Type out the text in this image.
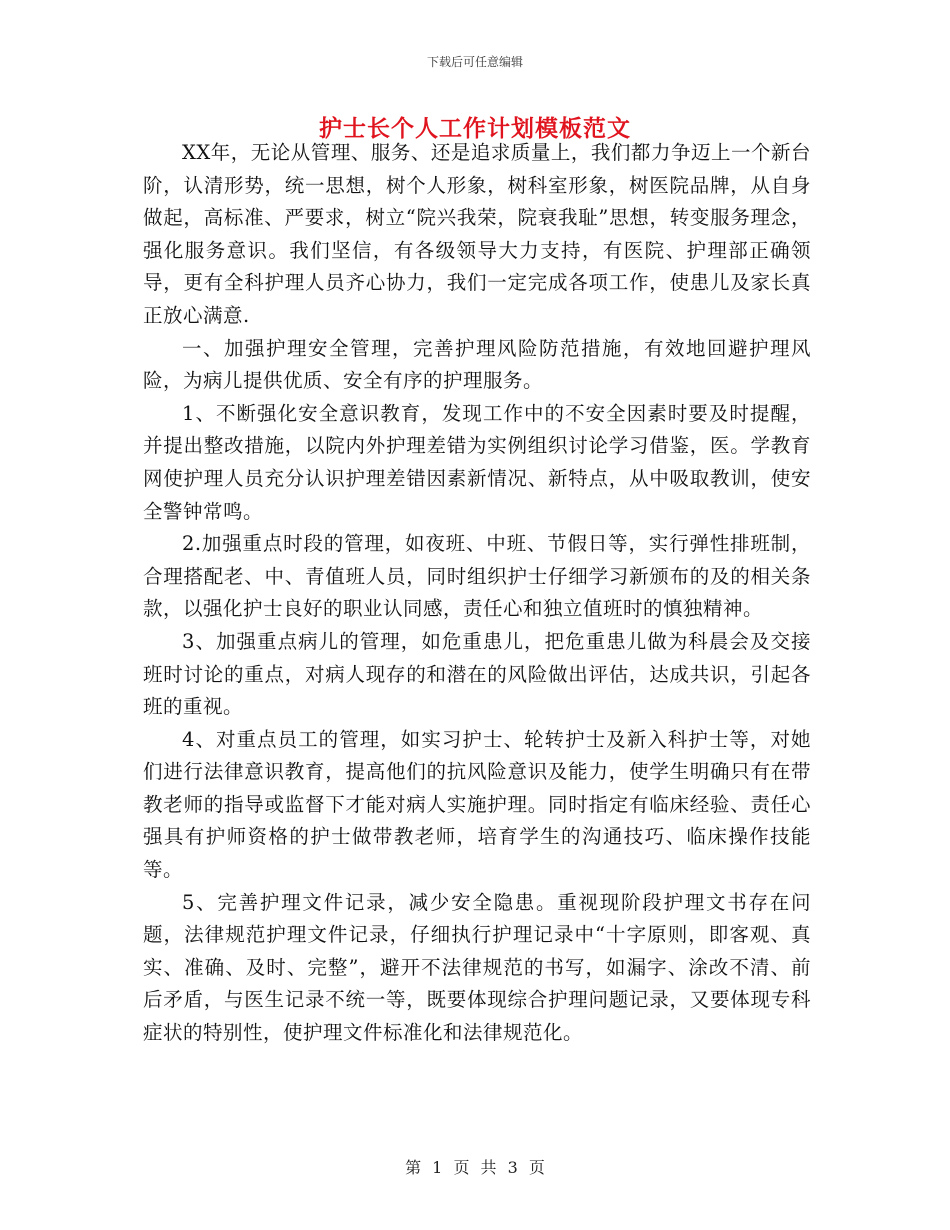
下载后可任意编辑
护士长个人工作计划模板范文

XX年，无论从管理、服务、还是追求质量上，我们都力争迈上一个新台阶，认清形势，统一思想，树个人形象，树科室形象，树医院品牌，从自身做起，高标准、严要求，树立“院兴我荣，院衰我耻”思想，转变服务理念，强化服务意识。我们坚信，有各级领导大力支持，有医院、护理部正确领导，更有全科护理人员齐心协力，我们一定完成各项工作，使患儿及家长真正放心满意.

一、加强护理安全管理，完善护理风险防范措施，有效地回避护理风险，为病儿提供优质、安全有序的护理服务。

1、不断强化安全意识教育，发现工作中的不安全因素时要及时提醒，并提出整改措施，以院内外护理差错为实例组织讨论学习借鉴，医。学教育网使护理人员充分认识护理差错因素新情况、新特点，从中吸取教训，使安全警钟常鸣。

2.加强重点时段的管理，如夜班、中班、节假日等，实行弹性排班制，合理搭配老、中、青值班人员，同时组织护士仔细学习新颁布的及的相关条款，以强化护士良好的职业认同感，责任心和独立值班时的慎独精神。

3、加强重点病儿的管理，如危重患儿，把危重患儿做为科晨会及交接班时讨论的重点，对病人现存的和潜在的风险做出评估，达成共识，引起各班的重视。

4、对重点员工的管理，如实习护士、轮转护士及新入科护士等，对她们进行法律意识教育，提高他们的抗风险意识及能力，使学生明确只有在带教老师的指导或监督下才能对病人实施护理。同时指定有临床经验、责任心强具有护师资格的护士做带教老师，培育学生的沟通技巧、临床操作技能等。

5、完善护理文件记录，减少安全隐患。重视现阶段护理文书存在问题，法律规范护理文件记录，仔细执行护理记录中“十字原则，即客观、真实、准确、及时、完整”，避开不法律规范的书写，如漏字、涂改不清、前后矛盾，与医生记录不统一等，既要体现综合护理问题记录，又要体现专科症状的特别性，使护理文件标准化和法律规范化。

第 1 页 共 3 页
